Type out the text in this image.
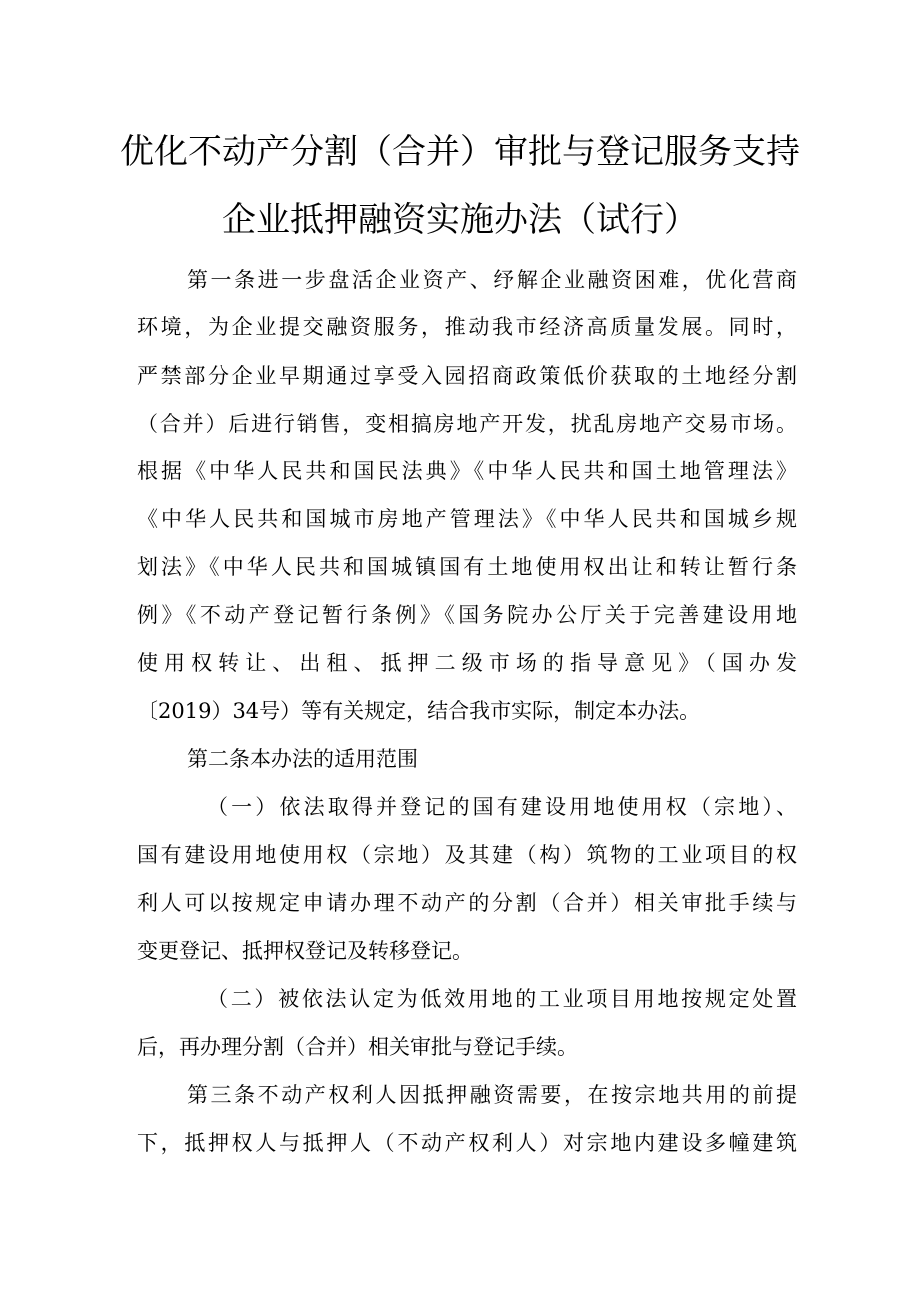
优化不动产分割（合并）审批与登记服务支持
企业抵押融资实施办法（试行）
第一条进一步盘活企业资产、纾解企业融资困难，优化营商
环境，为企业提交融资服务，推动我市经济高质量发展。同时，
严禁部分企业早期通过享受入园招商政策低价获取的土地经分割
（合并）后进行销售，变相搞房地产开发，扰乱房地产交易市场。
根据《中华人民共和国民法典》《中华人民共和国土地管理法》
《中华人民共和国城市房地产管理法》《中华人民共和国城乡规
划法》《中华人民共和国城镇国有土地使用权出让和转让暂行条
例》《不动产登记暂行条例》《国务院办公厅关于完善建设用地
使用权转让、出租、抵押二级市场的指导意见》（国办发
〔2019）34号）等有关规定，结合我市实际，制定本办法。
第二条本办法的适用范围
（一）依法取得并登记的国有建设用地使用权（宗地）、
国有建设用地使用权（宗地）及其建（构）筑物的工业项目的权
利人可以按规定申请办理不动产的分割（合并）相关审批手续与
变更登记、抵押权登记及转移登记。
（二）被依法认定为低效用地的工业项目用地按规定处置
后，再办理分割（合并）相关审批与登记手续。
第三条不动产权利人因抵押融资需要，在按宗地共用的前提
下，抵押权人与抵押人（不动产权利人）对宗地内建设多幢建筑
